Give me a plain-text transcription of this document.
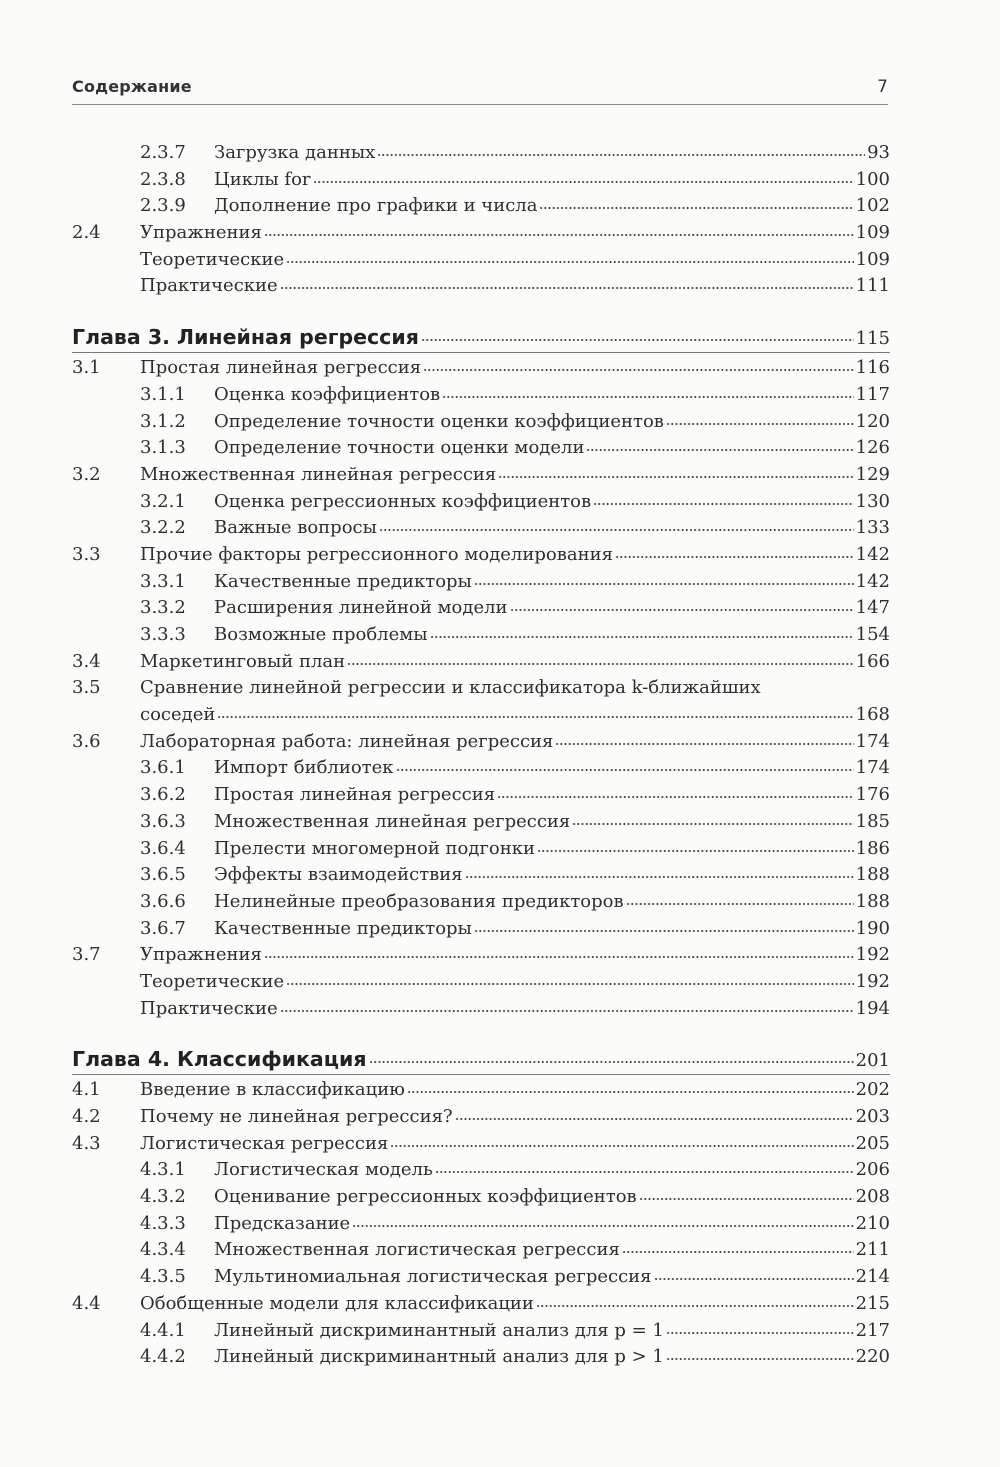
Содержание	7
2.3.7 Загрузка данных	93
2.3.8 Циклы for	100
2.3.9 Дополнение про графики и числа	102
2.4 Упражнения	109
Теоретические	109
Практические	111
Глава 3. Линейная регрессия	115
3.1 Простая линейная регрессия	116
3.1.1 Оценка коэффициентов	117
3.1.2 Определение точности оценки коэффициентов	120
3.1.3 Определение точности оценки модели	126
3.2 Множественная линейная регрессия	129
3.2.1 Оценка регрессионных коэффициентов	130
3.2.2 Важные вопросы	133
3.3 Прочие факторы регрессионного моделирования	142
3.3.1 Качественные предикторы	142
3.3.2 Расширения линейной модели	147
3.3.3 Возможные проблемы	154
3.4 Маркетинговый план	166
3.5 Сравнение линейной регрессии и классификатора k-ближайших
соседей	168
3.6 Лабораторная работа: линейная регрессия	174
3.6.1 Импорт библиотек	174
3.6.2 Простая линейная регрессия	176
3.6.3 Множественная линейная регрессия	185
3.6.4 Прелести многомерной подгонки	186
3.6.5 Эффекты взаимодействия	188
3.6.6 Нелинейные преобразования предикторов	188
3.6.7 Качественные предикторы	190
3.7 Упражнения	192
Теоретические	192
Практические	194
Глава 4. Классификация	201
4.1 Введение в классификацию	202
4.2 Почему не линейная регрессия?	203
4.3 Логистическая регрессия	205
4.3.1 Логистическая модель	206
4.3.2 Оценивание регрессионных коэффициентов	208
4.3.3 Предсказание	210
4.3.4 Множественная логистическая регрессия	211
4.3.5 Мультиномиальная логистическая регрессия	214
4.4 Обобщенные модели для классификации	215
4.4.1 Линейный дискриминантный анализ для p = 1	217
4.4.2 Линейный дискриминантный анализ для p > 1	220
